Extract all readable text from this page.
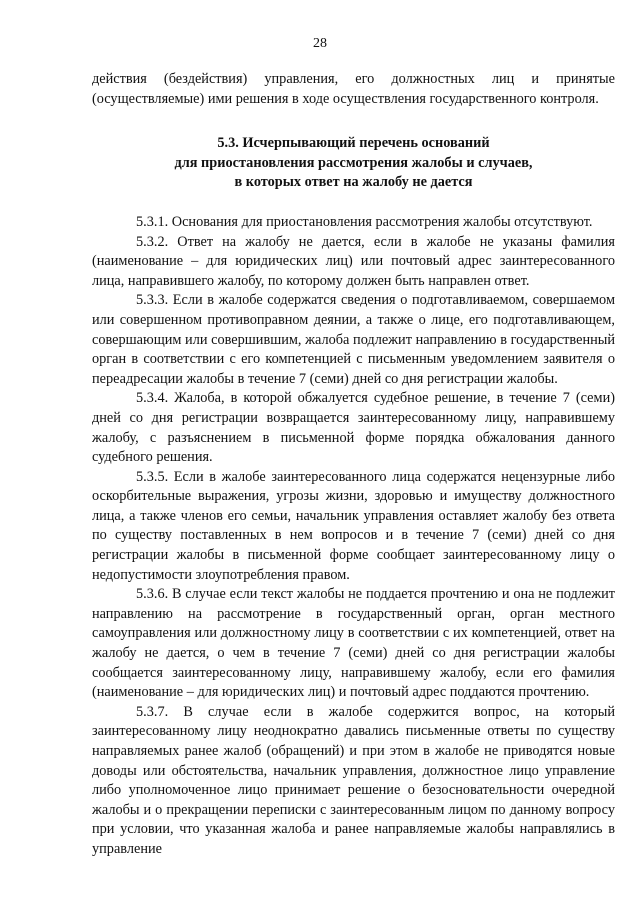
28

действия (бездействия) управления, его должностных лиц и принятые (осуществляемые) ими решения в ходе осуществления государственного контроля.

5.3. Исчерпывающий перечень оснований
для приостановления рассмотрения жалобы и случаев,
в которых ответ на жалобу не дается

5.3.1. Основания для приостановления рассмотрения жалобы отсутствуют.

5.3.2. Ответ на жалобу не дается, если в жалобе не указаны фамилия (наименование – для юридических лиц) или почтовый адрес заинтересованного лица, направившего жалобу, по которому должен быть направлен ответ.

5.3.3. Если в жалобе содержатся сведения о подготавливаемом, совершаемом или совершенном противоправном деянии, а также о лице, его подготавливающем, совершающим или совершившим, жалоба подлежит направлению в государственный орган в соответствии с его компетенцией с письменным уведомлением заявителя о переадресации жалобы в течение 7 (семи) дней со дня регистрации жалобы.

5.3.4. Жалоба, в которой обжалуется судебное решение, в течение 7 (семи) дней со дня регистрации возвращается заинтересованному лицу, направившему жалобу, с разъяснением в письменной форме порядка обжалования данного судебного решения.

5.3.5. Если в жалобе заинтересованного лица содержатся нецензурные либо оскорбительные выражения, угрозы жизни, здоровью и имуществу должностного лица, а также членов его семьи, начальник управления оставляет жалобу без ответа по существу поставленных в нем вопросов и в течение 7 (семи) дней со дня регистрации жалобы в письменной форме сообщает заинтересованному лицу о недопустимости злоупотребления правом.

5.3.6. В случае если текст жалобы не поддается прочтению и она не подлежит направлению на рассмотрение в государственный орган, орган местного самоуправления или должностному лицу в соответствии с их компетенцией, ответ на жалобу не дается, о чем в течение 7 (семи) дней со дня регистрации жалобы сообщается заинтересованному лицу, направившему жалобу, если его фамилия (наименование – для юридических лиц) и почтовый адрес поддаются прочтению.

5.3.7. В случае если в жалобе содержится вопрос, на который заинтересованному лицу неоднократно давались письменные ответы по существу направляемых ранее жалоб (обращений) и при этом в жалобе не приводятся новые доводы или обстоятельства, начальник управления, должностное лицо управление либо уполномоченное лицо принимает решение о безосновательности очередной жалобы и о прекращении переписки с заинтересованным лицом по данному вопросу при условии, что указанная жалоба и ранее направляемые жалобы направлялись в управление
